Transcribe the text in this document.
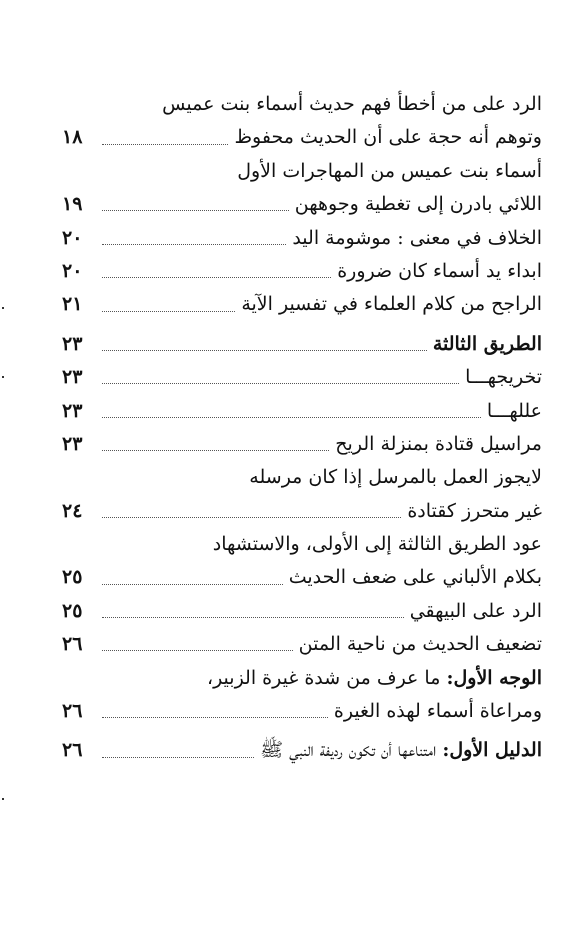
الرد على من أخطأ فهم حديث أسماء بنت عميس
وتوهم أنه حجة على أن الحديث محفوظ
١٨
أسماء بنت عميس من المهاجرات الأول
اللائي بادرن إلى تغطية وجوههن
١٩
الخلاف في معنى : موشومة اليد
٢٠
ابداء يد أسماء كان ضرورة
٢٠
الراجح من كلام العلماء في تفسير الآية
٢١
الطريق الثالثة
٢٣
تخريجهـــا
٢٣
عللهـــا
٢٣
مراسيل قتادة بمنزلة الريح
٢٣
لايجوز العمل بالمرسل إذا كان مرسله
غير متحرز كقتادة
٢٤
عود الطريق الثالثة إلى الأولى، والاستشهاد
بكلام الألباني على ضعف الحديث
٢٥
الرد على البيهقي
٢٥
تضعيف الحديث من ناحية المتن
٢٦
الوجه الأول: ما عرف من شدة غيرة الزبير،
ومراعاة أسماء لهذه الغيرة
٢٦
الدليل الأول: امتناعها أن تكون رديفة النبي ﷺ
٢٦
